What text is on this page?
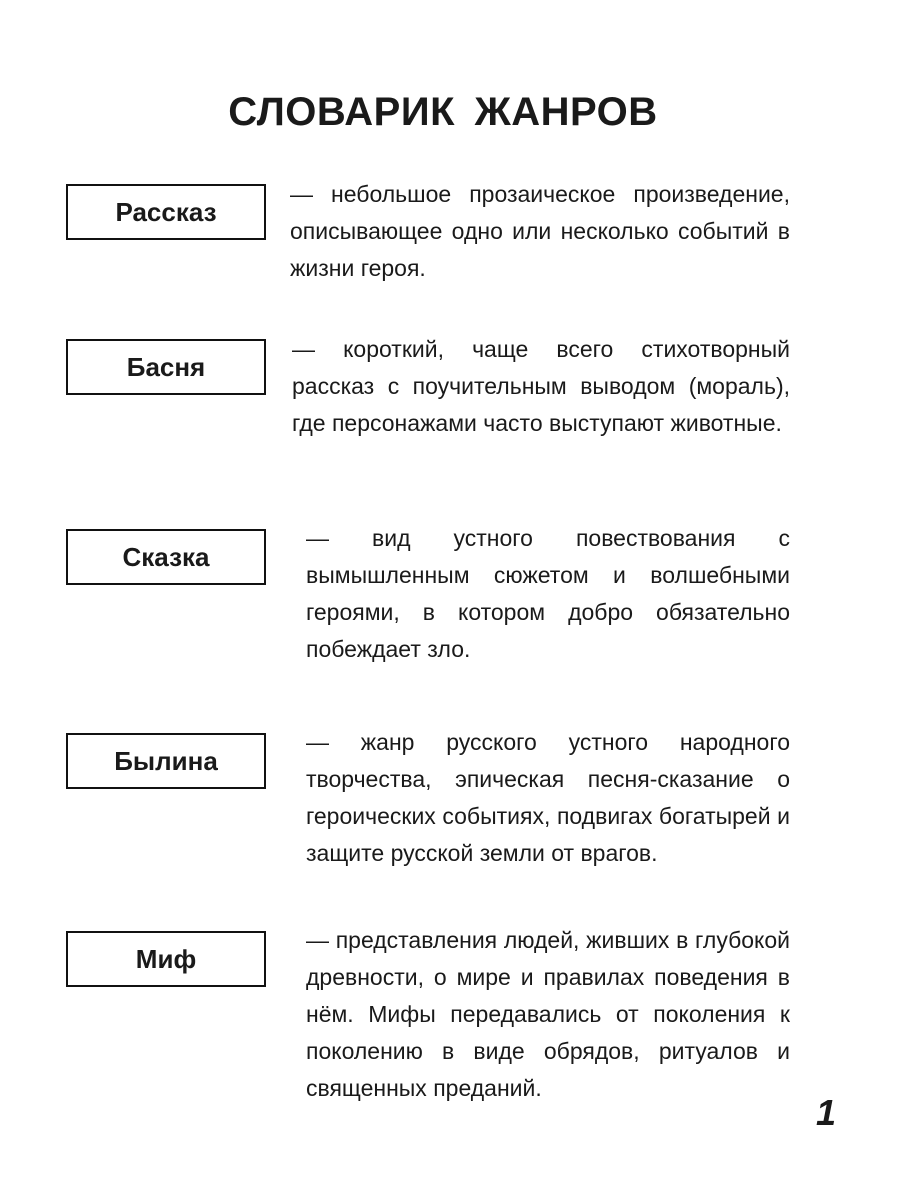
СЛОВАРИК ЖАНРОВ
Рассказ

— небольшое прозаическое произведение, описывающее одно или несколько событий в жизни героя.

Басня

— короткий, чаще всего стихотворный рассказ с поучительным выводом (мораль), где персонажами часто выступают животные.

Сказка

— вид устного повествования с вымышленным сюжетом и волшебными героями, в котором добро обязательно побеждает зло.

Былина

— жанр русского устного народного творчества, эпическая песня-сказание о героических событиях, подвигах богатырей и защите русской земли от врагов.

Миф

— представления людей, живших в глубокой древности, о мире и правилах поведения в нём. Мифы передавались от поколения к поколению в виде обрядов, ритуалов и священных преданий.

1
